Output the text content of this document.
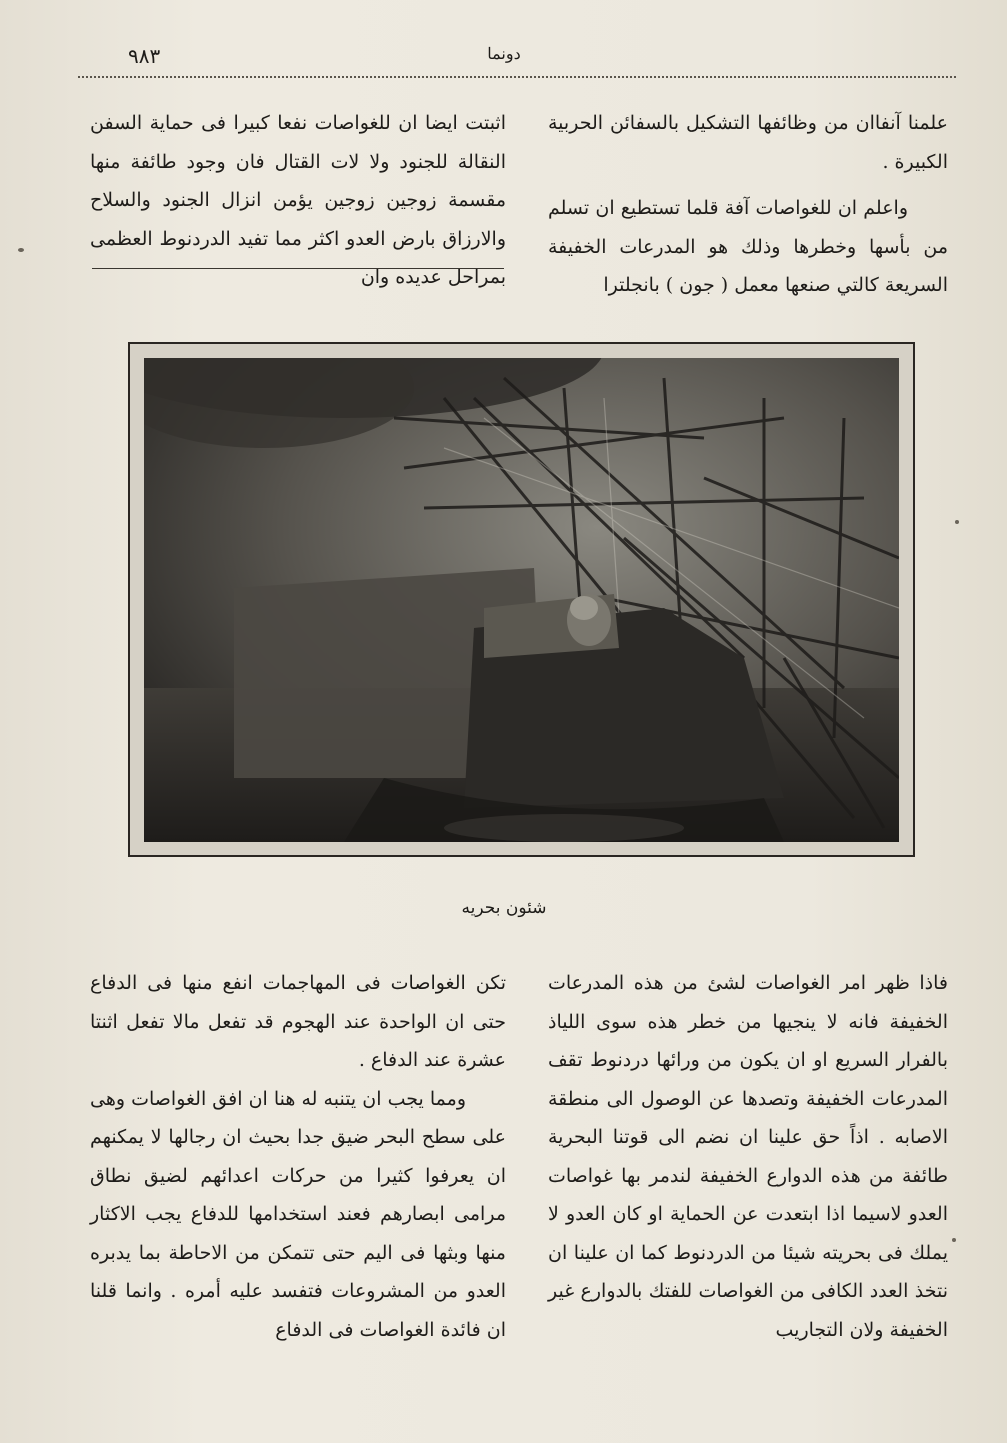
٩٨٣	دونما

علمنا آنفاان من وظائفها التشكيل بالسفائن الحربية الكبيرة .

واعلم ان للغواصات آفة قلما تستطيع ان تسلم من بأسها وخطرها وذلك هو المدرعات الخفيفة السريعة كالتي صنعها معمل ( جون ) بانجلترا

اثبتت ايضا ان للغواصات نفعا كبيرا فى حماية السفن النقالة للجنود ولا لات القتال فان وجود طائفة منها مقسمة زوجين زوجين يؤمن انزال الجنود والسلاح والارزاق بارض العدو اكثر مما تفيد الدردنوط العظمى بمراحل عديده وان

شئون بحريه

فاذا ظهر امر الغواصات لشئ من هذه المدرعات الخفيفة فانه لا ينجيها من خطر هذه سوى اللياذ بالفرار السريع او ان يكون من ورائها دردنوط تقف المدرعات الخفيفة وتصدها عن الوصول الى منطقة الاصابه . اذاً حق علينا ان نضم الى قوتنا البحرية طائفة من هذه الدوارع الخفيفة لندمر بها غواصات العدو لاسيما اذا ابتعدت عن الحماية او كان العدو لا يملك فى بحريته شيئا من الدردنوط كما ان علينا ان نتخذ العدد الكافى من الغواصات للفتك بالدوارع غير الخفيفة ولان التجاريب

تكن الغواصات فى المهاجمات انفع منها فى الدفاع حتى ان الواحدة عند الهجوم قد تفعل مالا تفعل اثنتا عشرة عند الدفاع .

ومما يجب ان يتنبه له هنا ان افق الغواصات وهى على سطح البحر ضيق جدا بحيث ان رجالها لا يمكنهم ان يعرفوا كثيرا من حركات اعدائهم لضيق نطاق مرامى ابصارهم فعند استخدامها للدفاع يجب الاكثار منها وبثها فى اليم حتى تتمكن من الاحاطة بما يدبره العدو من المشروعات فتفسد عليه أمره . وانما قلنا ان فائدة الغواصات فى الدفاع
